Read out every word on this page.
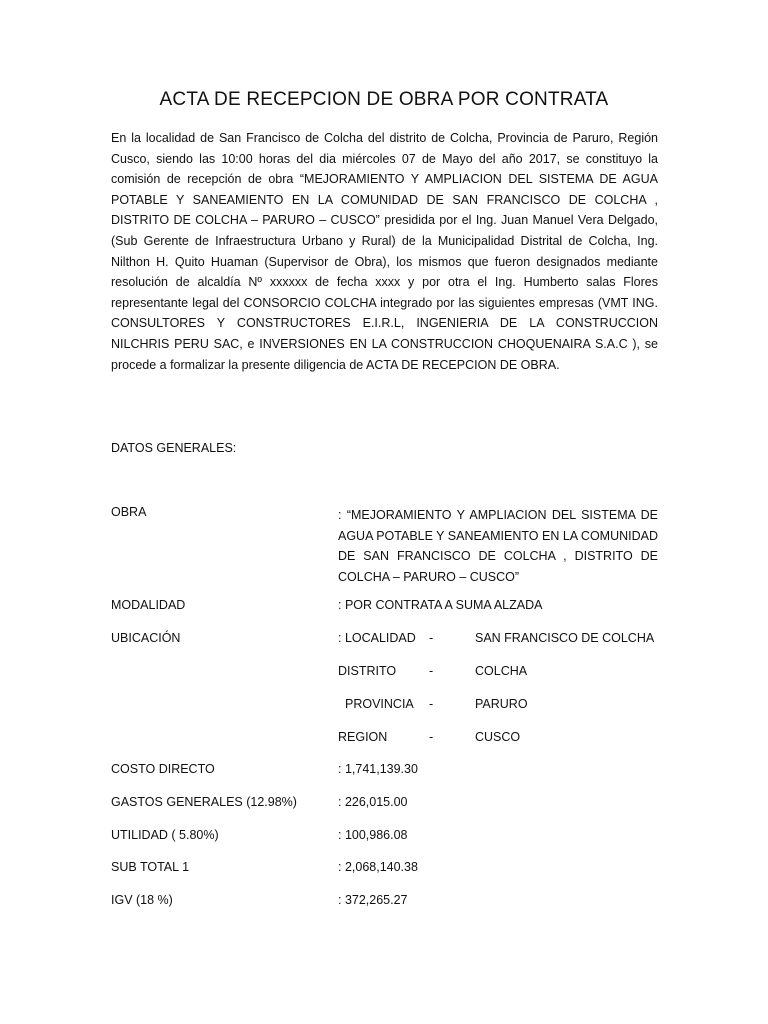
ACTA DE RECEPCION DE OBRA POR CONTRATA

En la localidad de San Francisco de Colcha del distrito de Colcha, Provincia de Paruro, Región Cusco, siendo las 10:00 horas del dia miércoles 07 de Mayo del año 2017, se constituyo la comisión de recepción de obra “MEJORAMIENTO Y AMPLIACION DEL SISTEMA DE AGUA POTABLE Y SANEAMIENTO EN LA COMUNIDAD DE SAN FRANCISCO DE COLCHA , DISTRITO DE COLCHA – PARURO – CUSCO” presidida por el Ing. Juan Manuel Vera Delgado, (Sub Gerente de Infraestructura Urbano y Rural) de la Municipalidad Distrital de Colcha, Ing. Nilthon H. Quito Huaman (Supervisor de Obra), los mismos que fueron designados mediante resolución de alcaldía Nº xxxxxx de fecha xxxx y por otra el Ing. Humberto salas Flores representante legal del CONSORCIO COLCHA integrado por las siguientes empresas (VMT ING. CONSULTORES Y CONSTRUCTORES E.I.R.L, INGENIERIA DE LA CONSTRUCCION NILCHRIS PERU SAC, e INVERSIONES EN LA CONSTRUCCION CHOQUENAIRA S.A.C ), se procede a formalizar la presente diligencia de ACTA DE RECEPCION DE OBRA.

DATOS GENERALES:
OBRA	: “MEJORAMIENTO Y AMPLIACION DEL SISTEMA DE AGUA POTABLE Y SANEAMIENTO EN LA COMUNIDAD DE SAN FRANCISCO DE COLCHA , DISTRITO DE COLCHA – PARURO – CUSCO”

MODALIDAD	: POR CONTRATA A SUMA ALZADA
UBICACIÓN	: LOCALIDAD -	SAN FRANCISCO DE COLCHA
DISTRITO	-	COLCHA
PROVINCIA -	PARURO
REGION	-	CUSCO
COSTO DIRECTO	: 1,741,139.30
GASTOS GENERALES (12.98%)	: 226,015.00
UTILIDAD ( 5.80%)	: 100,986.08
SUB TOTAL 1	: 2,068,140.38
IGV (18 %)	: 372,265.27
